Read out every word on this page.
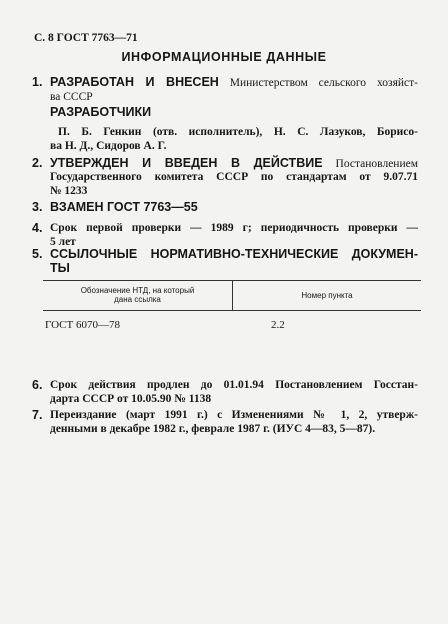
С. 8 ГОСТ 7763—71
ИНФОРМАЦИОННЫЕ ДАННЫЕ
1. РАЗРАБОТАН И ВНЕСЕН Министерством сельского хозяйст-
ва СССР
РАЗРАБОТЧИКИ
П. Б. Генкин (отв. исполнитель), Н. С. Лазуков, Борисо-
ва Н. Д., Сидоров А. Г.
2. УТВЕРЖДЕН И ВВЕДЕН В ДЕЙСТВИЕ Постановлением
Государственного комитета СССР по стандартам от 9.07.71
№ 1233
3. ВЗАМЕН ГОСТ 7763—55
4. Срок первой проверки — 1989 г; периодичность проверки —
5 лет
5. ССЫЛОЧНЫЕ НОРМАТИВНО-ТЕХНИЧЕСКИЕ ДОКУМЕН-
ТЫ
Обозначение НТД, на который
дана ссылка	Номер пункта
ГОСТ 6070—78	2.2
6. Срок действия продлен до 01.01.94 Постановлением Госстан-
дарта СССР от 10.05.90 № 1138
7. Переиздание (март 1991 г.) с Изменениями № 1, 2, утверж-
денными в декабре 1982 г., феврале 1987 г. (ИУС 4—83, 5—87).
